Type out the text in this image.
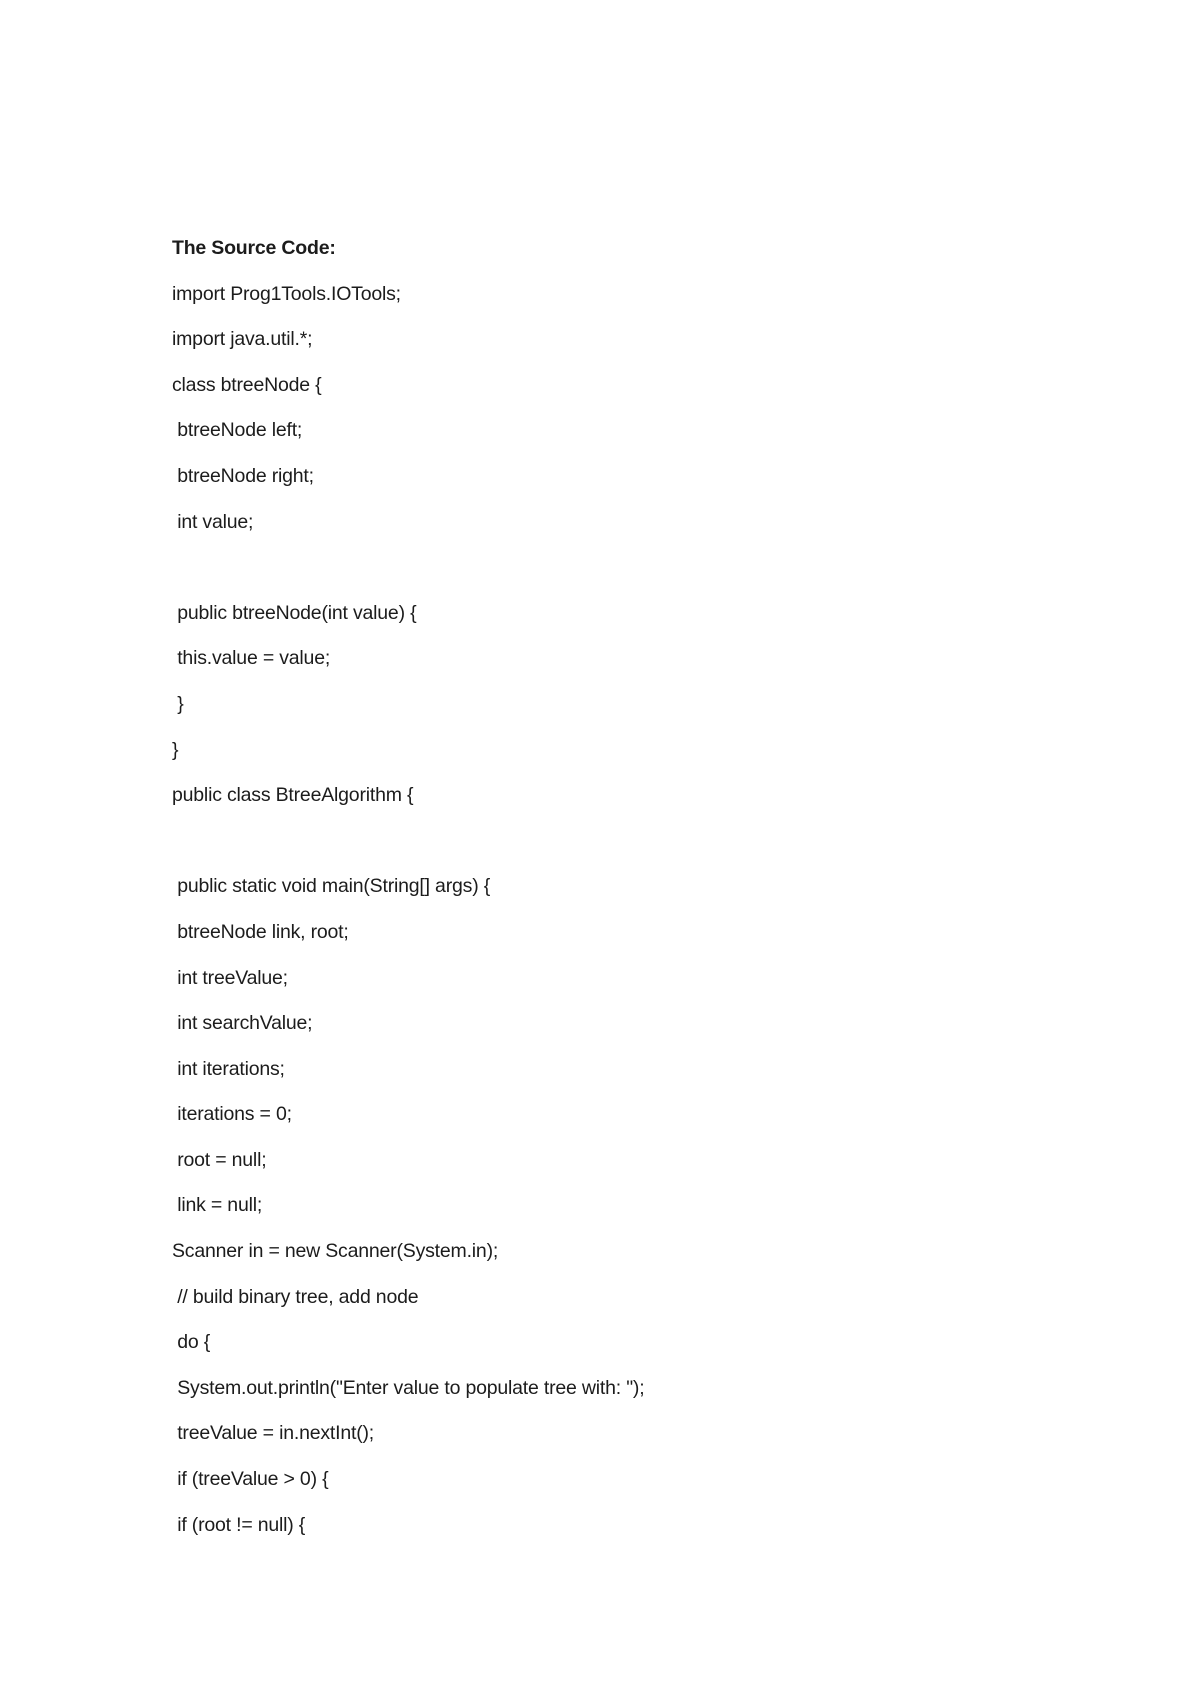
The Source Code:
import Prog1Tools.IOTools;
import java.util.*;
class btreeNode {
btreeNode left;
btreeNode right;
int value;
public btreeNode(int value) {
this.value = value;
}
}
public class BtreeAlgorithm {
public static void main(String[] args) {
btreeNode link, root;
int treeValue;
int searchValue;
int iterations;
iterations = 0;
root = null;
link = null;
Scanner in = new Scanner(System.in);
// build binary tree, add node
do {
System.out.println("Enter value to populate tree with: ");
treeValue = in.nextInt();
if (treeValue > 0) {
if (root != null) {
